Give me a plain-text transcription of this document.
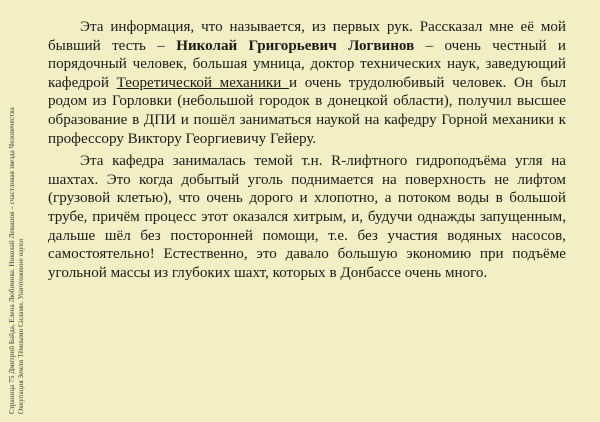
Страница 75 Дмитрий Байда, Елена Любимова. Николай Левашов – счастливая звезда Человечества Оккупация Земли Тёмными Силами. Уничтожение науки

Эта информация, что называется, из первых рук. Рассказал мне её мой бывший тесть – Николай Григорьевич Логвинов – очень честный и порядочный человек, большая умница, доктор технических наук, заведующий кафедрой Теоретической механики и очень трудолюбивый человек. Он был родом из Горловки (небольшой городок в донецкой области), получил высшее образование в ДПИ и пошёл заниматься наукой на кафедру Горной механики к профессору Виктору Георгиевичу Гейеру.

Эта кафедра занималась темой т.н. R-лифтного гидроподъёма угля на шахтах. Это когда добытый уголь поднимается на поверхность не лифтом (грузовой клетью), что очень дорого и хлопотно, а потоком воды в большой трубе, причём процесс этот оказался хитрым, и, будучи однажды запущенным, дальше шёл без посторонней помощи, т.е. без участия водяных насосов, самостоятельно! Естественно, это давало большую экономию при подъёме угольной массы из глубоких шахт, которых в Донбассе очень много.
